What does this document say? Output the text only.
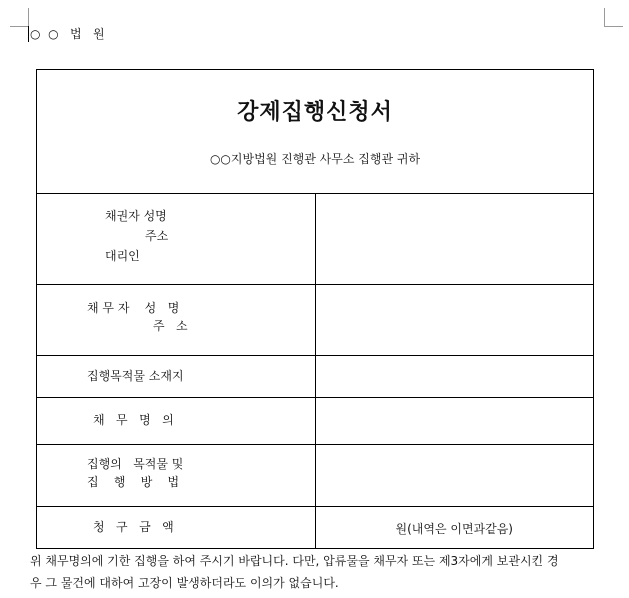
○  ○   법   원
강제집행신청서
○○지방법원 진행관 사무소 집행관 귀하	

채권자 성명
주소
대리인	

채 무 자    성   명
주   소	

집행목적물 소재지	

채   무   명   의	

집행의   목적물 및
집    행    방    법	

청   구   금   액	원(내역은 이면과같음)
위 채무명의에 기한 집행을 하여 주시기 바랍니다. 다만, 압류물을 채무자 또는 제3자에게 보관시킨 경
우 그 물건에 대하여 고장이 발생하더라도 이의가 없습니다.
